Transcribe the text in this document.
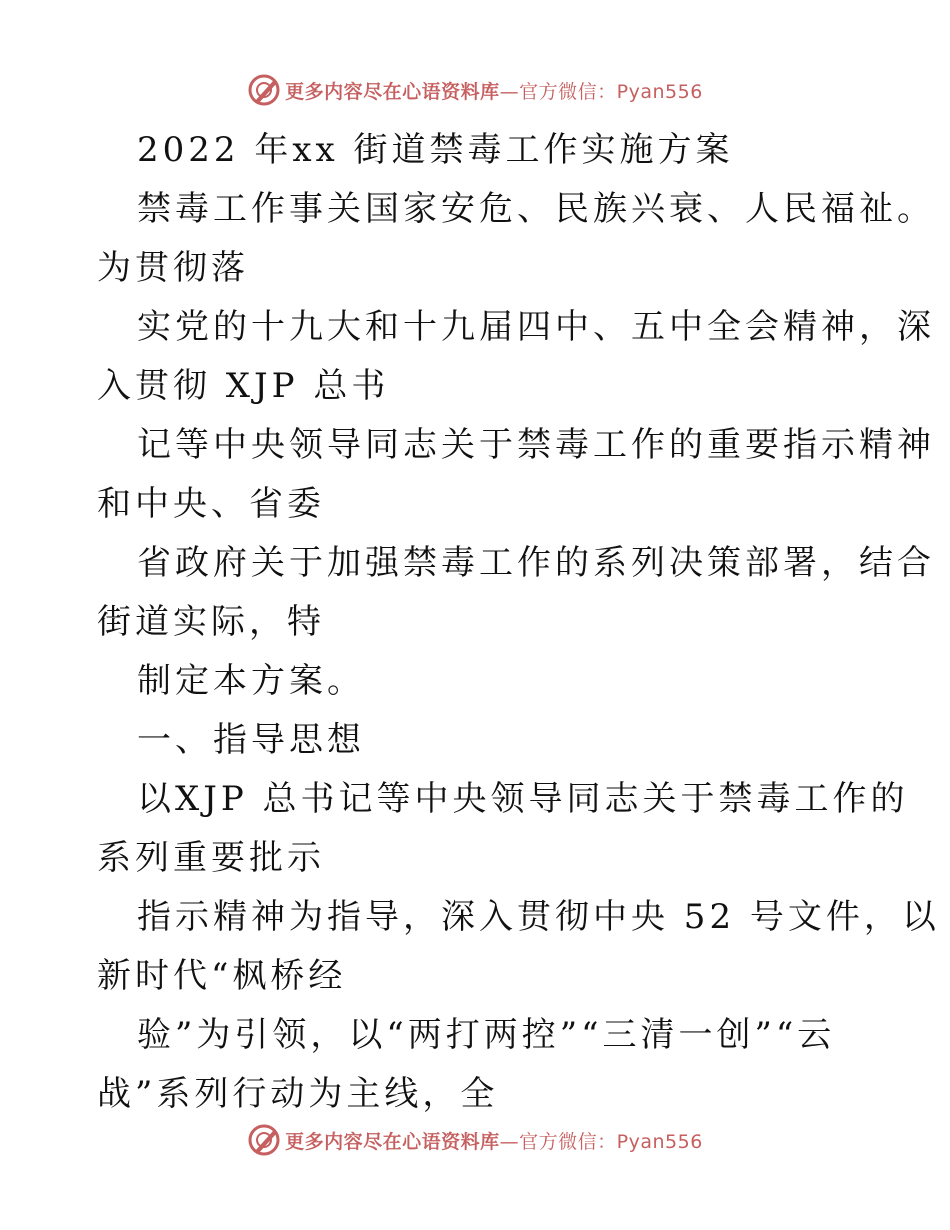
更多内容尽在心语资料库—官方微信：Pyan556
2022 年xx 街道禁毒工作实施方案
禁毒工作事关国家安危、民族兴衰、人民福祉。
为贯彻落
实党的十九大和十九届四中、五中全会精神，深
入贯彻 XJP 总书
记等中央领导同志关于禁毒工作的重要指示精神
和中央、省委
省政府关于加强禁毒工作的系列决策部署，结合
街道实际，特
制定本方案。
一、指导思想
以XJP 总书记等中央领导同志关于禁毒工作的
系列重要批示
指示精神为指导，深入贯彻中央 52 号文件，以
新时代“枫桥经
验”为引领，以“两打两控”“三清一创”“云
战”系列行动为主线，全
更多内容尽在心语资料库—官方微信：Pyan556
